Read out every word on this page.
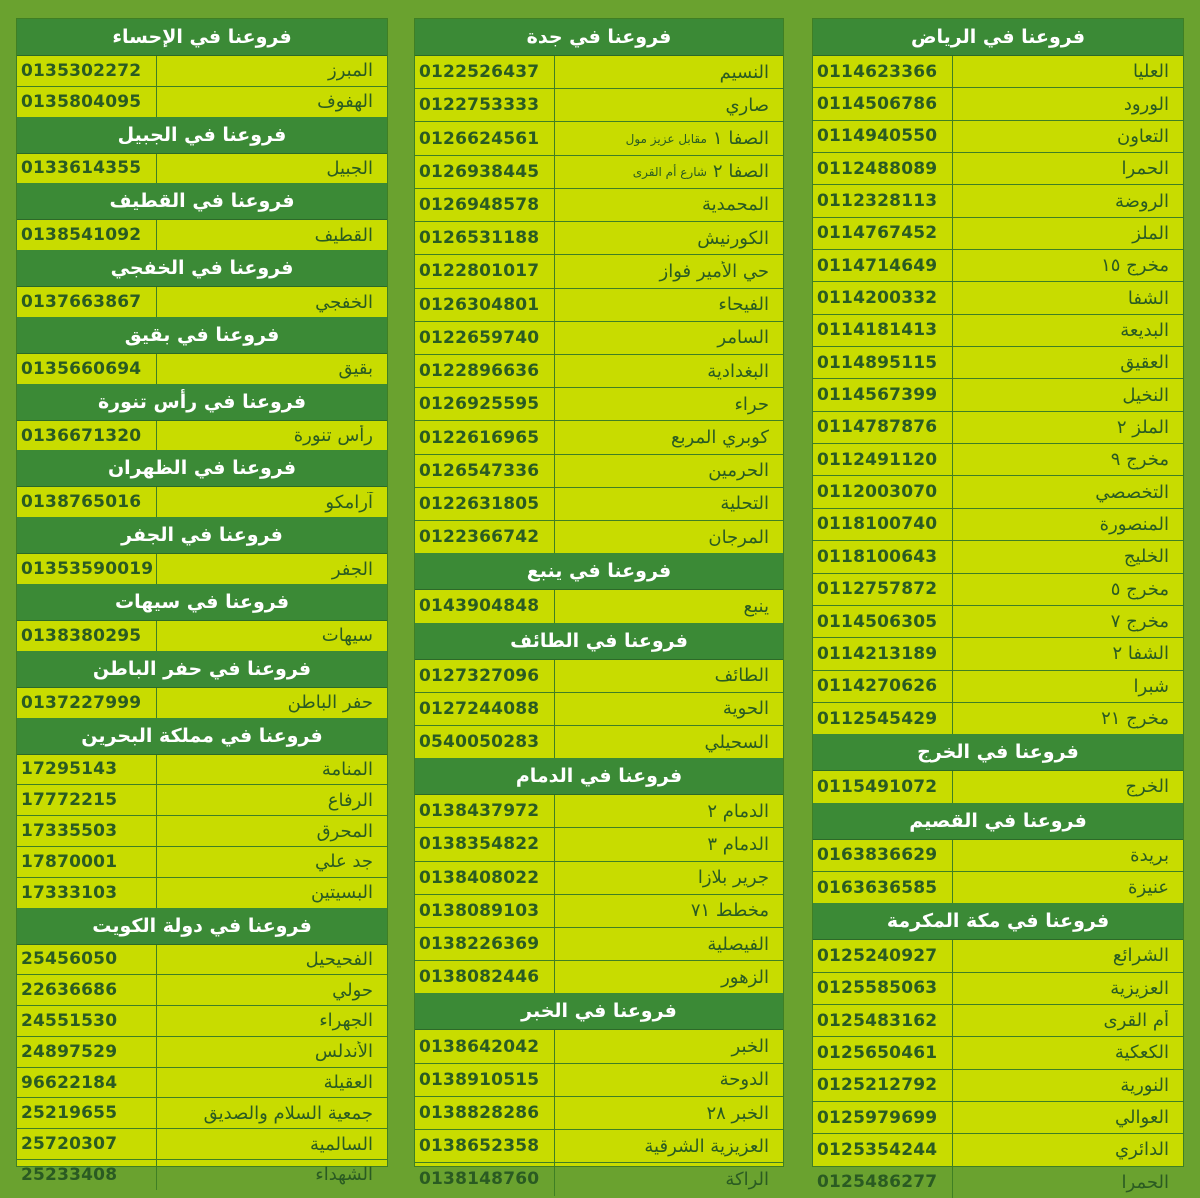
فروعنا في الإحساء
0135302272	المبرز
0135804095	الهفوف
فروعنا في الجبيل
0133614355	الجبيل
فروعنا في القطيف
0138541092	القطيف
فروعنا في الخفجي
0137663867	الخفجي
فروعنا في بقيق
0135660694	بقيق
فروعنا في رأس تنورة
0136671320	رأس تنورة
فروعنا في الظهران
0138765016	آرامكو
فروعنا في الجفر
01353590019	الجفر
فروعنا في سيهات
0138380295	سيهات
فروعنا في حفر الباطن
0137227999	حفر الباطن
فروعنا في مملكة البحرين
17295143	المنامة
17772215	الرفاع
17335503	المحرق
17870001	جد علي
17333103	البسيتين
فروعنا في دولة الكويت
25456050	الفحيحيل
22636686	حولي
24551530	الجهراء
24897529	الأندلس
96622184	العقيلة
25219655	جمعية السلام والصديق
25720307	السالمية
25233408	الشهداء
فروعنا في جدة
0122526437	النسيم
0122753333	صاري
0126624561	الصفا ١
مقابل عزيز مول
0126938445	الصفا ٢
شارع أم القرى
0126948578	المحمدية
0126531188	الكورنيش
0122801017	حي الأمير فواز
0126304801	الفيحاء
0122659740	السامر
0122896636	البغدادية
0126925595	حراء
0122616965	كوبري المربع
0126547336	الحرمين
0122631805	التحلية
0122366742	المرجان
فروعنا في ينبع
0143904848	ينبع
فروعنا في الطائف
0127327096	الطائف
0127244088	الحوية
0540050283	السحيلي
فروعنا في الدمام
0138437972	الدمام ٢
0138354822	الدمام ٣
0138408022	جرير بلازا
0138089103	مخطط ٧١
0138226369	الفيصلية
0138082446	الزهور
فروعنا في الخبر
0138642042	الخبر
0138910515	الدوحة
0138828286	الخبر ٢٨
0138652358	العزيزية الشرقية
0138148760	الراكة
فروعنا في الرياض
0114623366	العليا
0114506786	الورود
0114940550	التعاون
0112488089	الحمرا
0112328113	الروضة
0114767452	الملز
0114714649	مخرج ١٥
0114200332	الشفا
0114181413	البديعة
0114895115	العقيق
0114567399	النخيل
0114787876	الملز ٢
0112491120	مخرج ٩
0112003070	التخصصي
0118100740	المنصورة
0118100643	الخليج
0112757872	مخرج ٥
0114506305	مخرج ٧
0114213189	الشفا ٢
0114270626	شبرا
0112545429	مخرج ٢١
فروعنا في الخرج
0115491072	الخرج
فروعنا في القصيم
0163836629	بريدة
0163636585	عنيزة
فروعنا في مكة المكرمة
0125240927	الشرائع
0125585063	العزيزية
0125483162	أم القرى
0125650461	الكعكية
0125212792	النورية
0125979699	العوالي
0125354244	الدائري
0125486277	الحمرا
